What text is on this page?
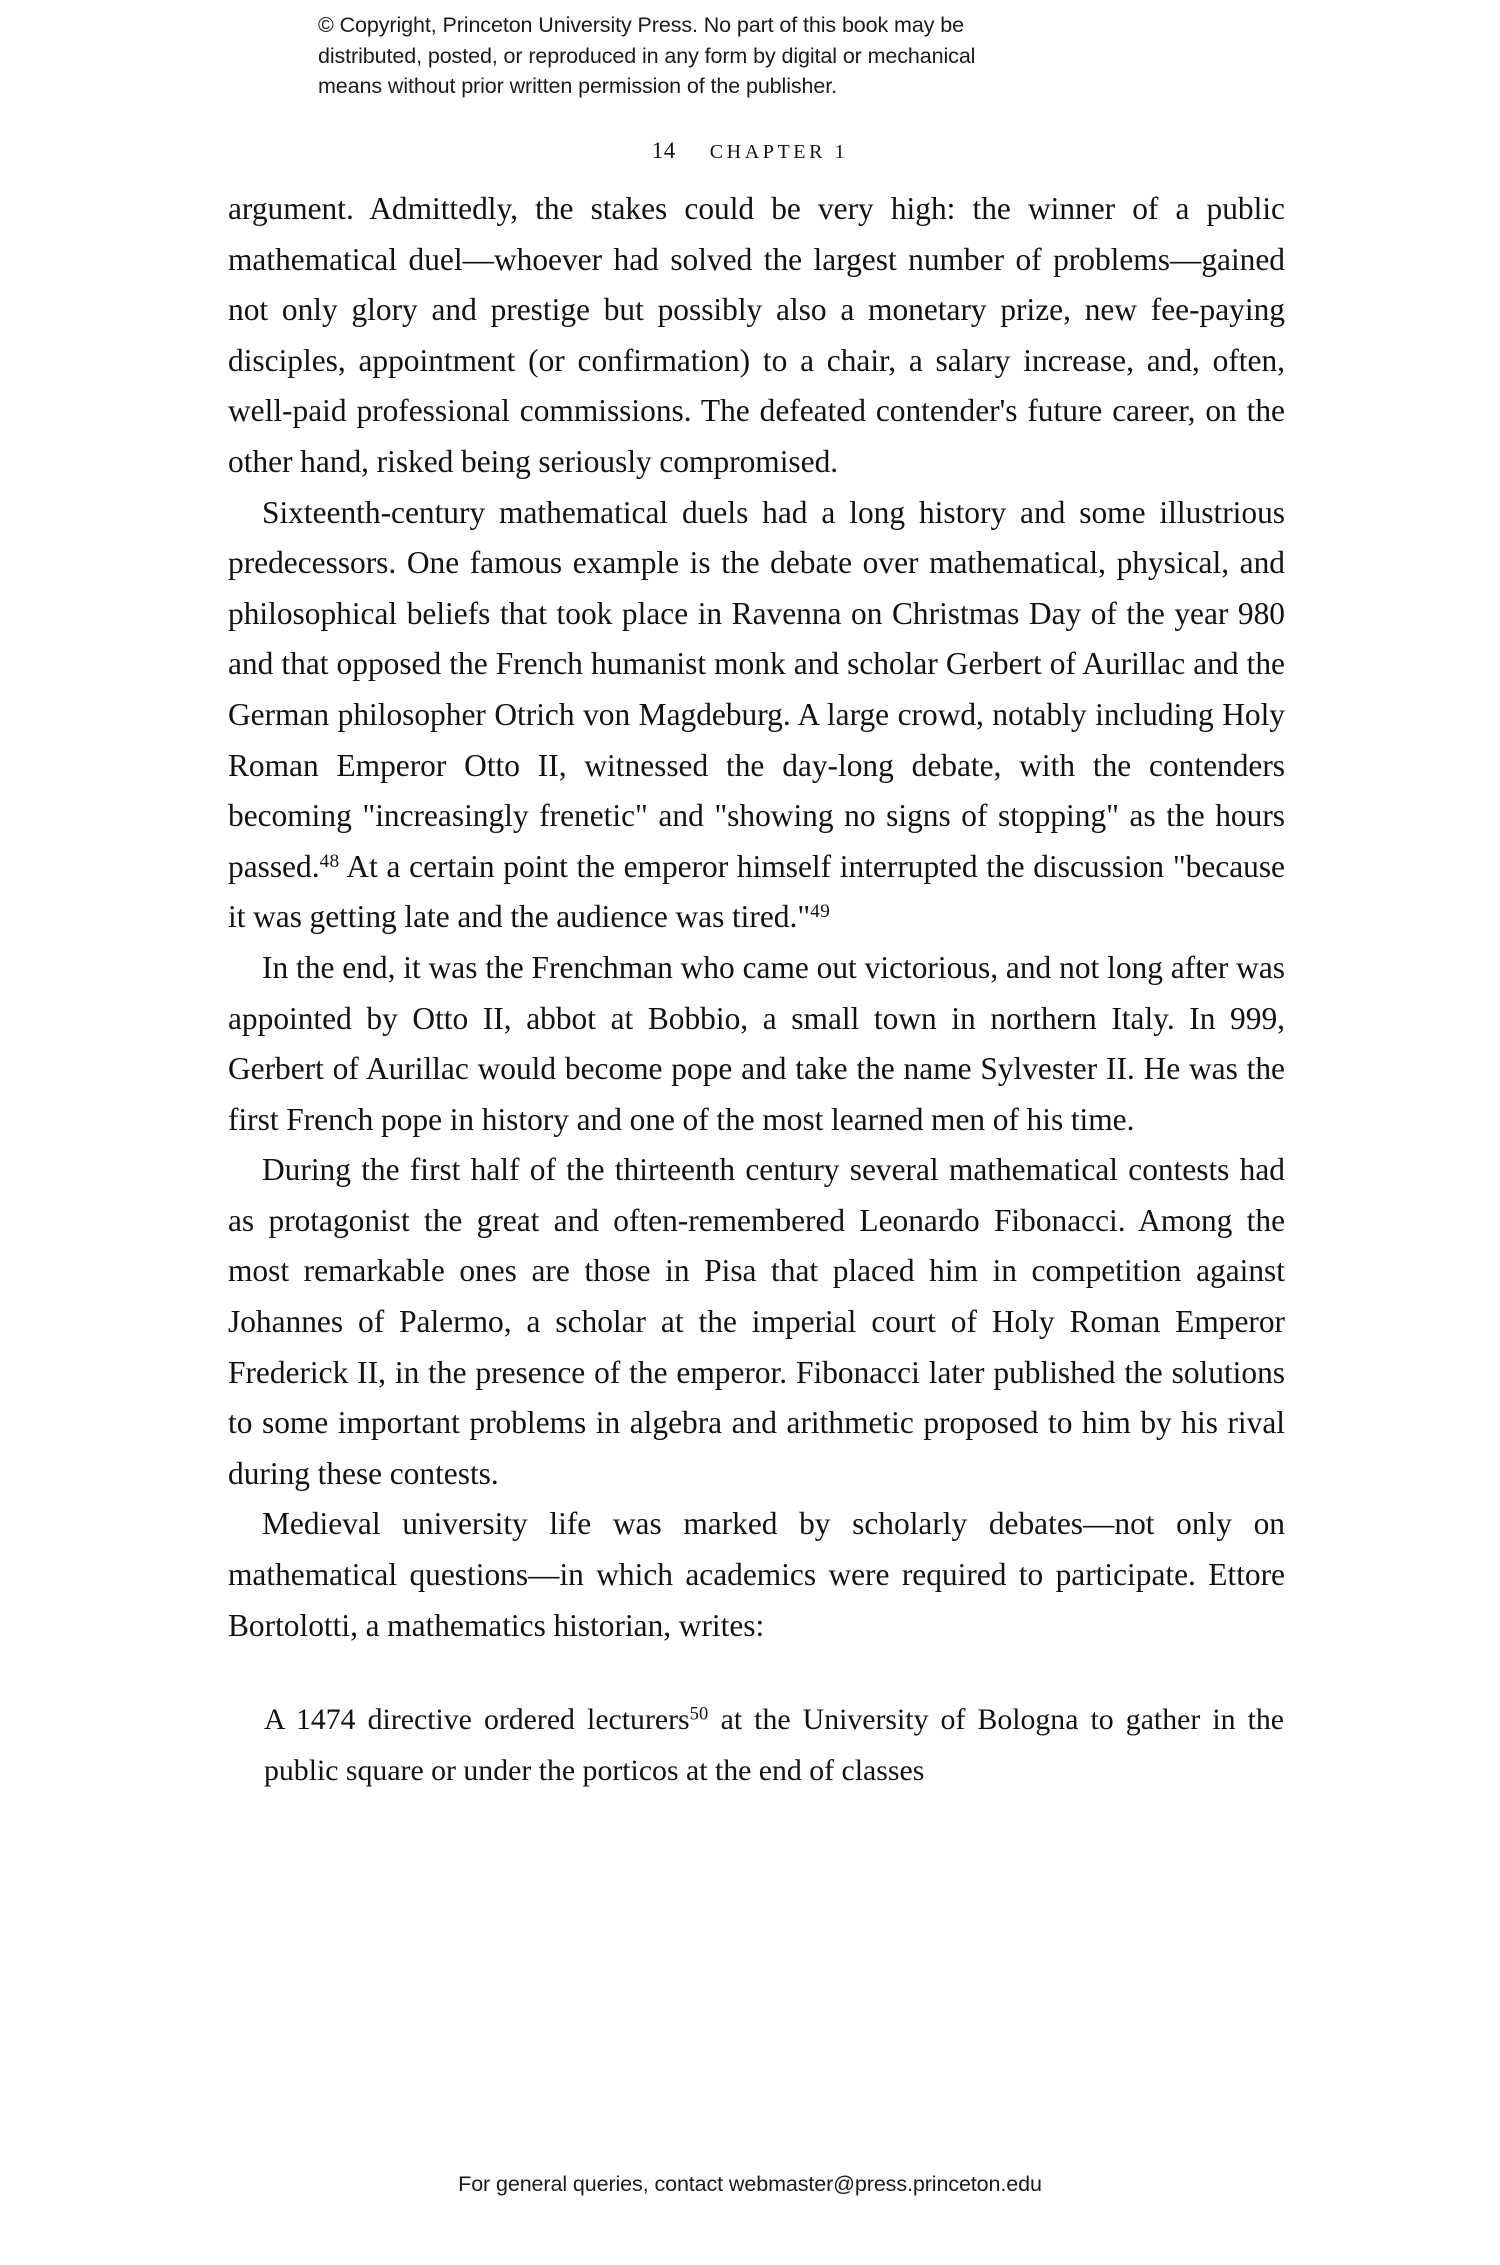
© Copyright, Princeton University Press. No part of this book may be
distributed, posted, or reproduced in any form by digital or mechanical
means without prior written permission of the publisher.
14 CHAPTER 1

argument. Admittedly, the stakes could be very high: the winner of a public mathematical duel—whoever had solved the largest number of problems—gained not only glory and prestige but possibly also a monetary prize, new fee-paying disciples, appointment (or confirmation) to a chair, a salary increase, and, often, well-paid professional commissions. The defeated contender's future career, on the other hand, risked being seriously compromised.

Sixteenth-century mathematical duels had a long history and some illustrious predecessors. One famous example is the debate over mathematical, physical, and philosophical beliefs that took place in Ravenna on Christmas Day of the year 980 and that opposed the French humanist monk and scholar Gerbert of Aurillac and the German philosopher Otrich von Magdeburg. A large crowd, notably including Holy Roman Emperor Otto II, witnessed the day-long debate, with the contenders becoming "increasingly frenetic" and "showing no signs of stopping" as the hours passed.$^{48}$ At a certain point the emperor himself interrupted the discussion "because it was getting late and the audience was tired."$^{49}$

In the end, it was the Frenchman who came out victorious, and not long after was appointed by Otto II, abbot at Bobbio, a small town in northern Italy. In 999, Gerbert of Aurillac would become pope and take the name Sylvester II. He was the first French pope in history and one of the most learned men of his time.

During the first half of the thirteenth century several mathematical contests had as protagonist the great and often-remembered Leonardo Fibonacci. Among the most remarkable ones are those in Pisa that placed him in competition against Johannes of Palermo, a scholar at the imperial court of Holy Roman Emperor Frederick II, in the presence of the emperor. Fibonacci later published the solutions to some important problems in algebra and arithmetic proposed to him by his rival during these contests.

Medieval university life was marked by scholarly debates—not only on mathematical questions—in which academics were required to participate. Ettore Bortolotti, a mathematics historian, writes:

A 1474 directive ordered lecturers$^{50}$ at the University of Bologna to gather in the public square or under the porticos at the end of classes

For general queries, contact webmaster@press.princeton.edu
